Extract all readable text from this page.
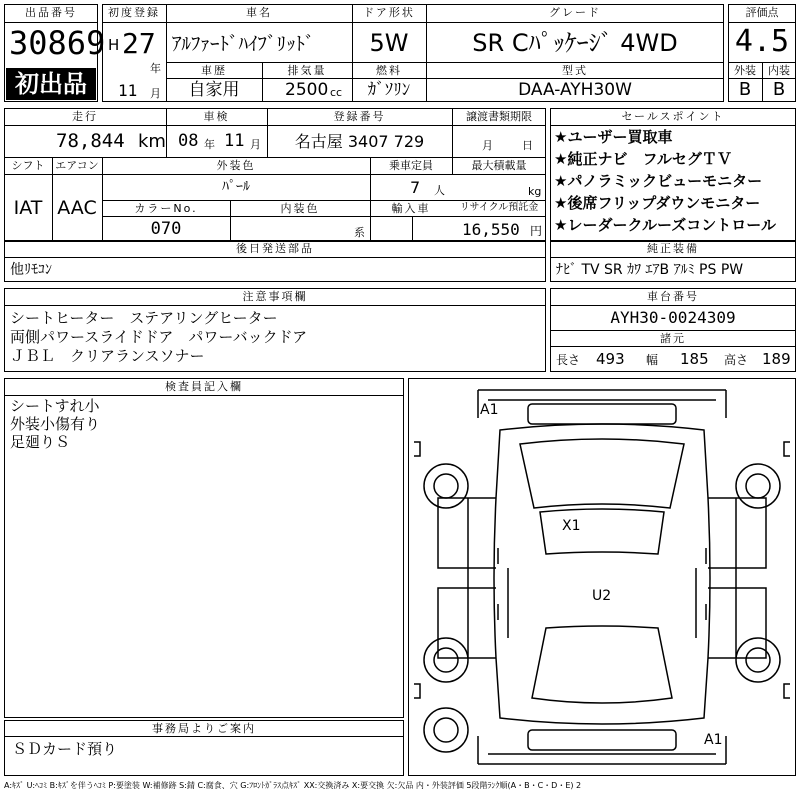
出品番号
30869
初出品
初度登録
H 27
年
11 月
車名
ｱﾙﾌｧｰﾄﾞﾊｲﾌﾞﾘｯﾄﾞ
ドア形状
5W
グレード
SR Cﾊﾟｯｹｰｼﾞ 4WD
車歴
自家用
排気量
2500 cc
燃料
ｶﾞｿﾘﾝ
型式
DAA-AYH30W
評価点
4.5
外装	内装
B	B
走行
78,844 km
車検
08 年 11 月
登録番号
名古屋 3407 729
譲渡書類期限
月	日
シフト
IAT
エアコン
AAC
外装色
ﾊﾟｰﾙ
乗車定員
7 人
最大積載量
kg
カラーNo.
070
内装色
系
輸入車	リサイクル預託金
16,550 円
セールスポイント
★ユーザー買取車
★純正ナビ　フルセグＴＶ
★パノラミックビューモニター
★後席フリップダウンモニター
★レーダークルーズコントロール
後日発送部品
他ﾘﾓｺﾝ
純正装備
ﾅﾋﾞ TV SR ｶﾜ ｴｱB ｱﾙﾐ PS PW
注意事項欄
シートヒーター　ステアリングヒーター
両側パワースライドドア　パワーバックドア
ＪＢＬ　クリアランスソナー
車台番号
AYH30-0024309
諸元
長さ 493 幅 185 高さ 189
検査員記入欄
シートすれ小
外装小傷有り
足廻りＳ
事務局よりご案内
ＳＤカード預り
A1
X1
U2
A1
A:ｷｽﾞ U:ﾍｺﾐ B:ｷｽﾞを伴うﾍｺﾐ P:要塗装 W:補修跡 S:錆 C:腐食、穴 G:ﾌﾛﾝﾄｶﾞﾗｽ点ｷｽﾞ XX:交換済み X:要交換 欠:欠品 内・外装評価 5段階ﾗﾝｸ順(A・B・C・D・E) 2
